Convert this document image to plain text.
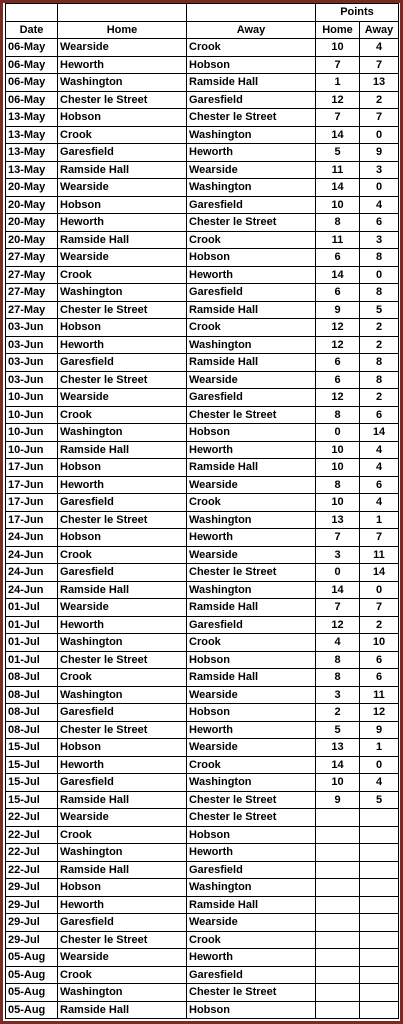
			Points	
Date	Home	Away	Home	Away
06-May	Wearside	Crook	10	4
06-May	Heworth	Hobson	7	7
06-May	Washington	Ramside Hall	1	13
06-May	Chester le Street	Garesfield	12	2
13-May	Hobson	Chester le Street	7	7
13-May	Crook	Washington	14	0
13-May	Garesfield	Heworth	5	9
13-May	Ramside Hall	Wearside	11	3
20-May	Wearside	Washington	14	0
20-May	Hobson	Garesfield	10	4
20-May	Heworth	Chester le Street	8	6
20-May	Ramside Hall	Crook	11	3
27-May	Wearside	Hobson	6	8
27-May	Crook	Heworth	14	0
27-May	Washington	Garesfield	6	8
27-May	Chester le Street	Ramside Hall	9	5
03-Jun	Hobson	Crook	12	2
03-Jun	Heworth	Washington	12	2
03-Jun	Garesfield	Ramside Hall	6	8
03-Jun	Chester le Street	Wearside	6	8
10-Jun	Wearside	Garesfield	12	2
10-Jun	Crook	Chester le Street	8	6
10-Jun	Washington	Hobson	0	14
10-Jun	Ramside Hall	Heworth	10	4
17-Jun	Hobson	Ramside Hall	10	4
17-Jun	Heworth	Wearside	8	6
17-Jun	Garesfield	Crook	10	4
17-Jun	Chester le Street	Washington	13	1
24-Jun	Hobson	Heworth	7	7
24-Jun	Crook	Wearside	3	11
24-Jun	Garesfield	Chester le Street	0	14
24-Jun	Ramside Hall	Washington	14	0
01-Jul	Wearside	Ramside Hall	7	7
01-Jul	Heworth	Garesfield	12	2
01-Jul	Washington	Crook	4	10
01-Jul	Chester le Street	Hobson	8	6
08-Jul	Crook	Ramside Hall	8	6
08-Jul	Washington	Wearside	3	11
08-Jul	Garesfield	Hobson	2	12
08-Jul	Chester le Street	Heworth	5	9
15-Jul	Hobson	Wearside	13	1
15-Jul	Heworth	Crook	14	0
15-Jul	Garesfield	Washington	10	4
15-Jul	Ramside Hall	Chester le Street	9	5
22-Jul	Wearside	Chester le Street		
22-Jul	Crook	Hobson		
22-Jul	Washington	Heworth		
22-Jul	Ramside Hall	Garesfield		
29-Jul	Hobson	Washington		
29-Jul	Heworth	Ramside Hall		
29-Jul	Garesfield	Wearside		
29-Jul	Chester le Street	Crook		
05-Aug	Wearside	Heworth		
05-Aug	Crook	Garesfield		
05-Aug	Washington	Chester le Street		
05-Aug	Ramside Hall	Hobson		
